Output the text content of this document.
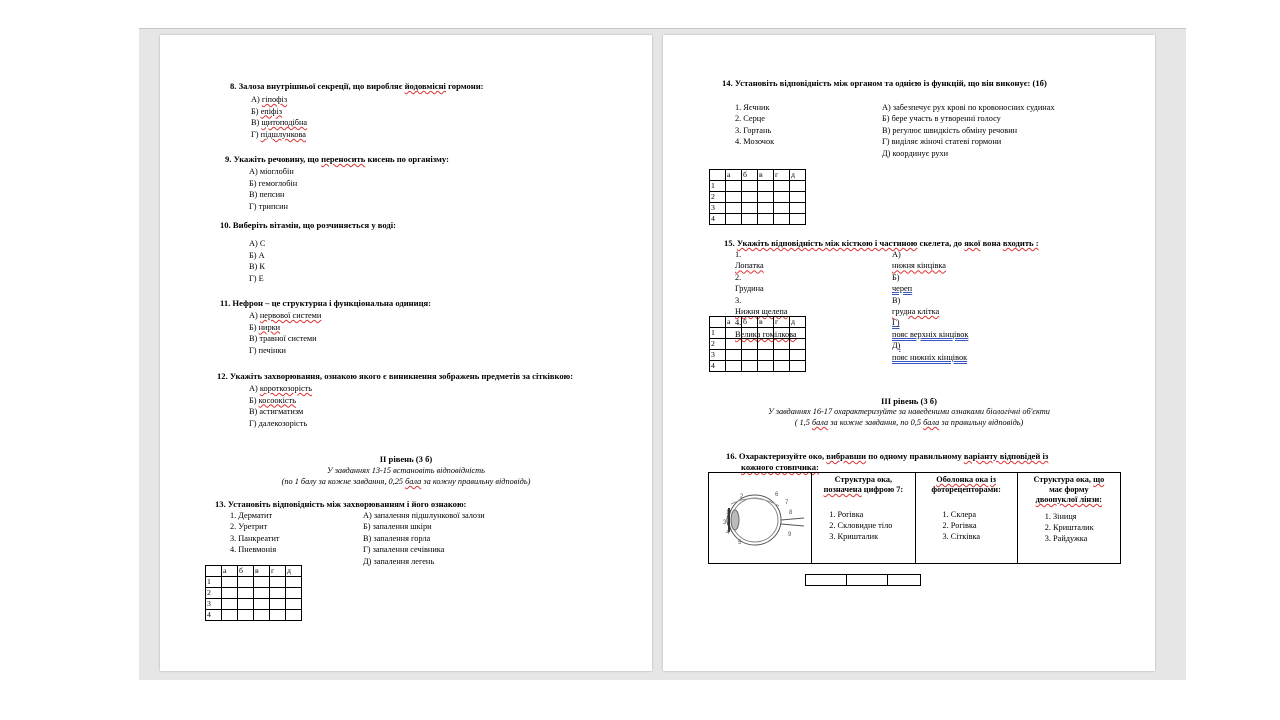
8. Залоза внутрішньої секреції, що виробляє йодовмісні гормони:
А) гіпофіз
Б) епіфіз
В) щитоподібна
Г) підшлункова
9. Укажіть речовину, що переносить кисень по організму:
А) міоглобін
Б) гемоглобін
В) пепсин
Г) трипсин
10. Виберіть вітамін, що розчиняється у воді:
А) С
Б) А
В) К
Г) Е
11. Нефрон – це структурна і функціональна одиниця:
А) нервової системи
Б) нирки
В) травної системи
Г) печінки
12. Укажіть захворювання, ознакою якого є виникнення зображень предметів за сітківкою:
А) короткозорість
Б) косоокість
В) астигматизм
Г) далекозорість
ІІ рівень (3 б)
У завданнях 13-15 встановіть відповідність
(по 1 балу за кожне завдання, 0,25 бала за кожну правильну відповідь)
13. Установіть відповідність між захворюванням і його ознакою:
1. Дерматит
2. Уретрит
3. Панкреатит
4. Пневмонія
А) запалення підшлункової залози
Б) запалення шкіри
В) запалення горла
Г) запалення сечівника
Д) запалення легень
	а	б	в	г	д
1					
2					
3					
4					
14. Установіть відповідність між органом та однією із функцій, що він виконує: (1б)
1. Яєчник
2. Серце
3. Гортань
4. Мозочок
А) забезпечує рух крові по кровоносних судинах
Б) бере участь в утворенні голосу
В) регулює швидкість обміну речовин
Г) виділяє жіночі статеві гормони
Д) координує рухи
	а	б	в	г	д
1					
2					
3					
4					
15. Укажіть відповідність між кісткою і частиною скелета, до якої вона входить :
1.
Лопатка
2.
Грудина
3.
Нижня щелепа
4.
Велика гомілкова
А)
нижня кінцівка
Б)
череп
В)
грудна клітка
Г)
пояс верхніх кінцівок
Д)
пояс нижніх кінцівок
	а	б	в	г	д
1					
2					
3					
4					
ІІІ рівень (3 б)
У завданнях 16-17 охарактеризуйте за наведеними ознаками біологічні об'єкти
( 1,5 бала за кожне завдання, по 0,5 бала за правильну відповідь)
16. Охарактеризуйте око, вибравши по одному правильному варіанту відповідей із
кожного стовпчика:
1
2
3
4
5
6
7
8
9

Структура ока,
позначена цифрою 7:
1. Рогівка
2. Скловидне тіло
3. Кришталик

Оболонка ока із
фоторецепторами:
1. Склера
2. Рогівка
3. Сітківка

Структура ока, що
має форму
двоопуклої лінзи:
1. Зіниця
2. Кришталик
3. Райдужка
